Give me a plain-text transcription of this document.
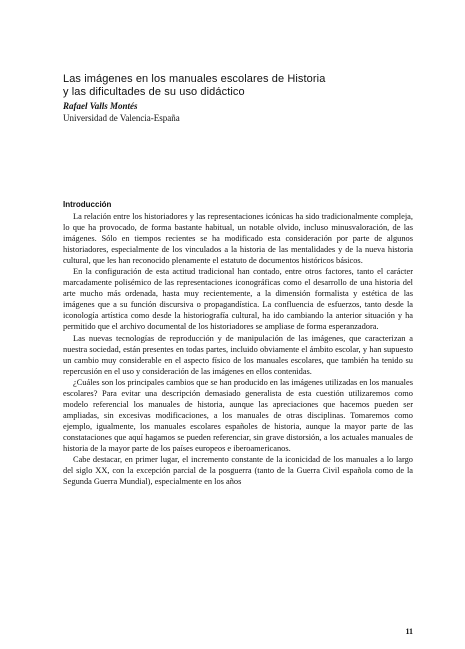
Las imágenes en los manuales escolares de Historia
y las dificultades de su uso didáctico
Rafael Valls Montés
Universidad de Valencia-España
Introducción

La relación entre los historiadores y las representaciones icónicas ha sido tradicionalmente compleja, lo que ha provocado, de forma bastante habitual, un notable olvido, incluso minusvaloración, de las imágenes. Sólo en tiempos recientes se ha modificado esta consideración por parte de algunos historiadores, especialmente de los vinculados a la historia de las mentalidades y de la nueva historia cultural, que les han reconocido plenamente el estatuto de documentos históricos básicos.

En la configuración de esta actitud tradicional han contado, entre otros factores, tanto el carácter marcadamente polisémico de las representaciones iconográficas como el desarrollo de una historia del arte mucho más ordenada, hasta muy recientemente, a la dimensión formalista y estética de las imágenes que a su función discursiva o propagandística. La confluencia de esfuerzos, tanto desde la iconología artística como desde la historiografía cultural, ha ido cambiando la anterior situación y ha permitido que el archivo documental de los historiadores se ampliase de forma esperanzadora.

Las nuevas tecnologías de reproducción y de manipulación de las imágenes, que caracterizan a nuestra sociedad, están presentes en todas partes, incluido obviamente el ámbito escolar, y han supuesto un cambio muy considerable en el aspecto físico de los manuales escolares, que también ha tenido su repercusión en el uso y consideración de las imágenes en ellos contenidas.

¿Cuáles son los principales cambios que se han producido en las imágenes utilizadas en los manuales escolares? Para evitar una descripción demasiado generalista de esta cuestión utilizaremos como modelo referencial los manuales de historia, aunque las apreciaciones que hacemos pueden ser ampliadas, sin excesivas modificaciones, a los manuales de otras disciplinas. Tomaremos como ejemplo, igualmente, los manuales escolares españoles de historia, aunque la mayor parte de las constataciones que aquí hagamos se pueden referenciar, sin grave distorsión, a los actuales manuales de historia de la mayor parte de los países europeos e iberoamericanos.

Cabe destacar, en primer lugar, el incremento constante de la iconicidad de los manuales a lo largo del siglo XX, con la excepción parcial de la posguerra (tanto de la Guerra Civil española como de la Segunda Guerra Mundial), especialmente en los años

11
